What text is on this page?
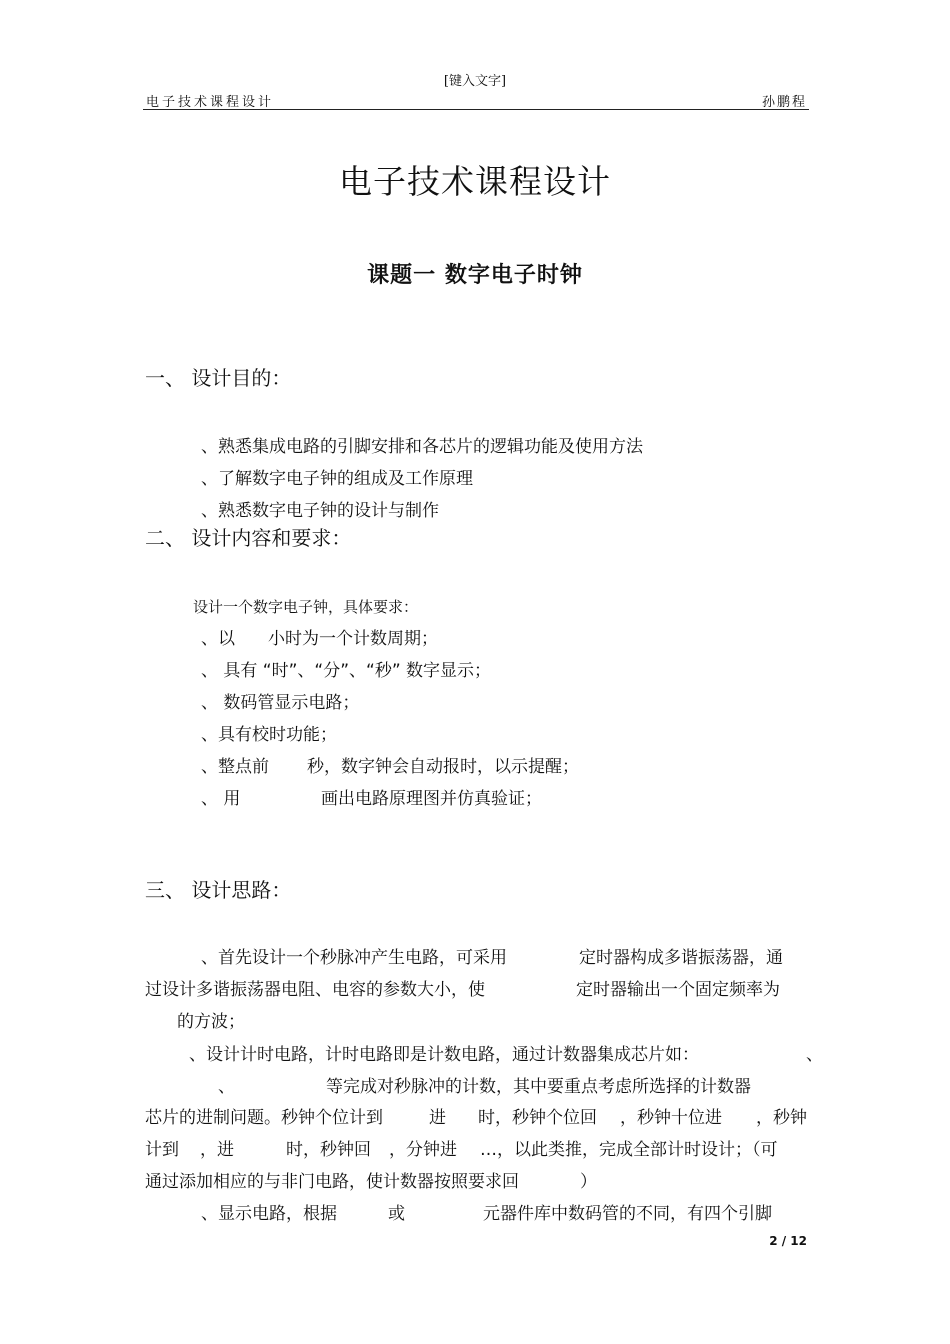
[键入文字]
电子技术课程设计	孙鹏程
电子技术课程设计
课题一 数字电子时钟
一、 设计目的：
、熟悉集成电路的引脚安排和各芯片的逻辑功能及使用方法
、了解数字电子钟的组成及工作原理
、熟悉数字电子钟的设计与制作
二、 设计内容和要求：
设计一个数字电子钟，具体要求：
、以 小时为一个计数周期；
、 具有 “时”、“分”、“秒” 数字显示；
、 数码管显示电路；
、具有校时功能；
、整点前 秒，数字钟会自动报时，以示提醒；
、 用	画出电路原理图并仿真验证；
三、 设计思路：
、首先设计一个秒脉冲产生电路，可采用	定时器构成多谐振荡器，通
过设计多谐振荡器电阻、电容的参数大小，使	定时器输出一个固定频率为
的方波；
、设计计时电路，计时电路即是计数电路，通过计数器集成芯片如：	、
、	等完成对秒脉冲的计数，其中要重点考虑所选择的计数器
芯片的进制问题。秒钟个位计到	进 时，秒钟个位回 ，秒钟十位进 ，秒钟
计到 ，进	时，秒钟回 ，分钟进 …，以此类推，完成全部计时设计；（可
通过添加相应的与非门电路，使计数器按照要求回	）
、显示电路，根据	或	元器件库中数码管的不同，有四个引脚
2 / 12
